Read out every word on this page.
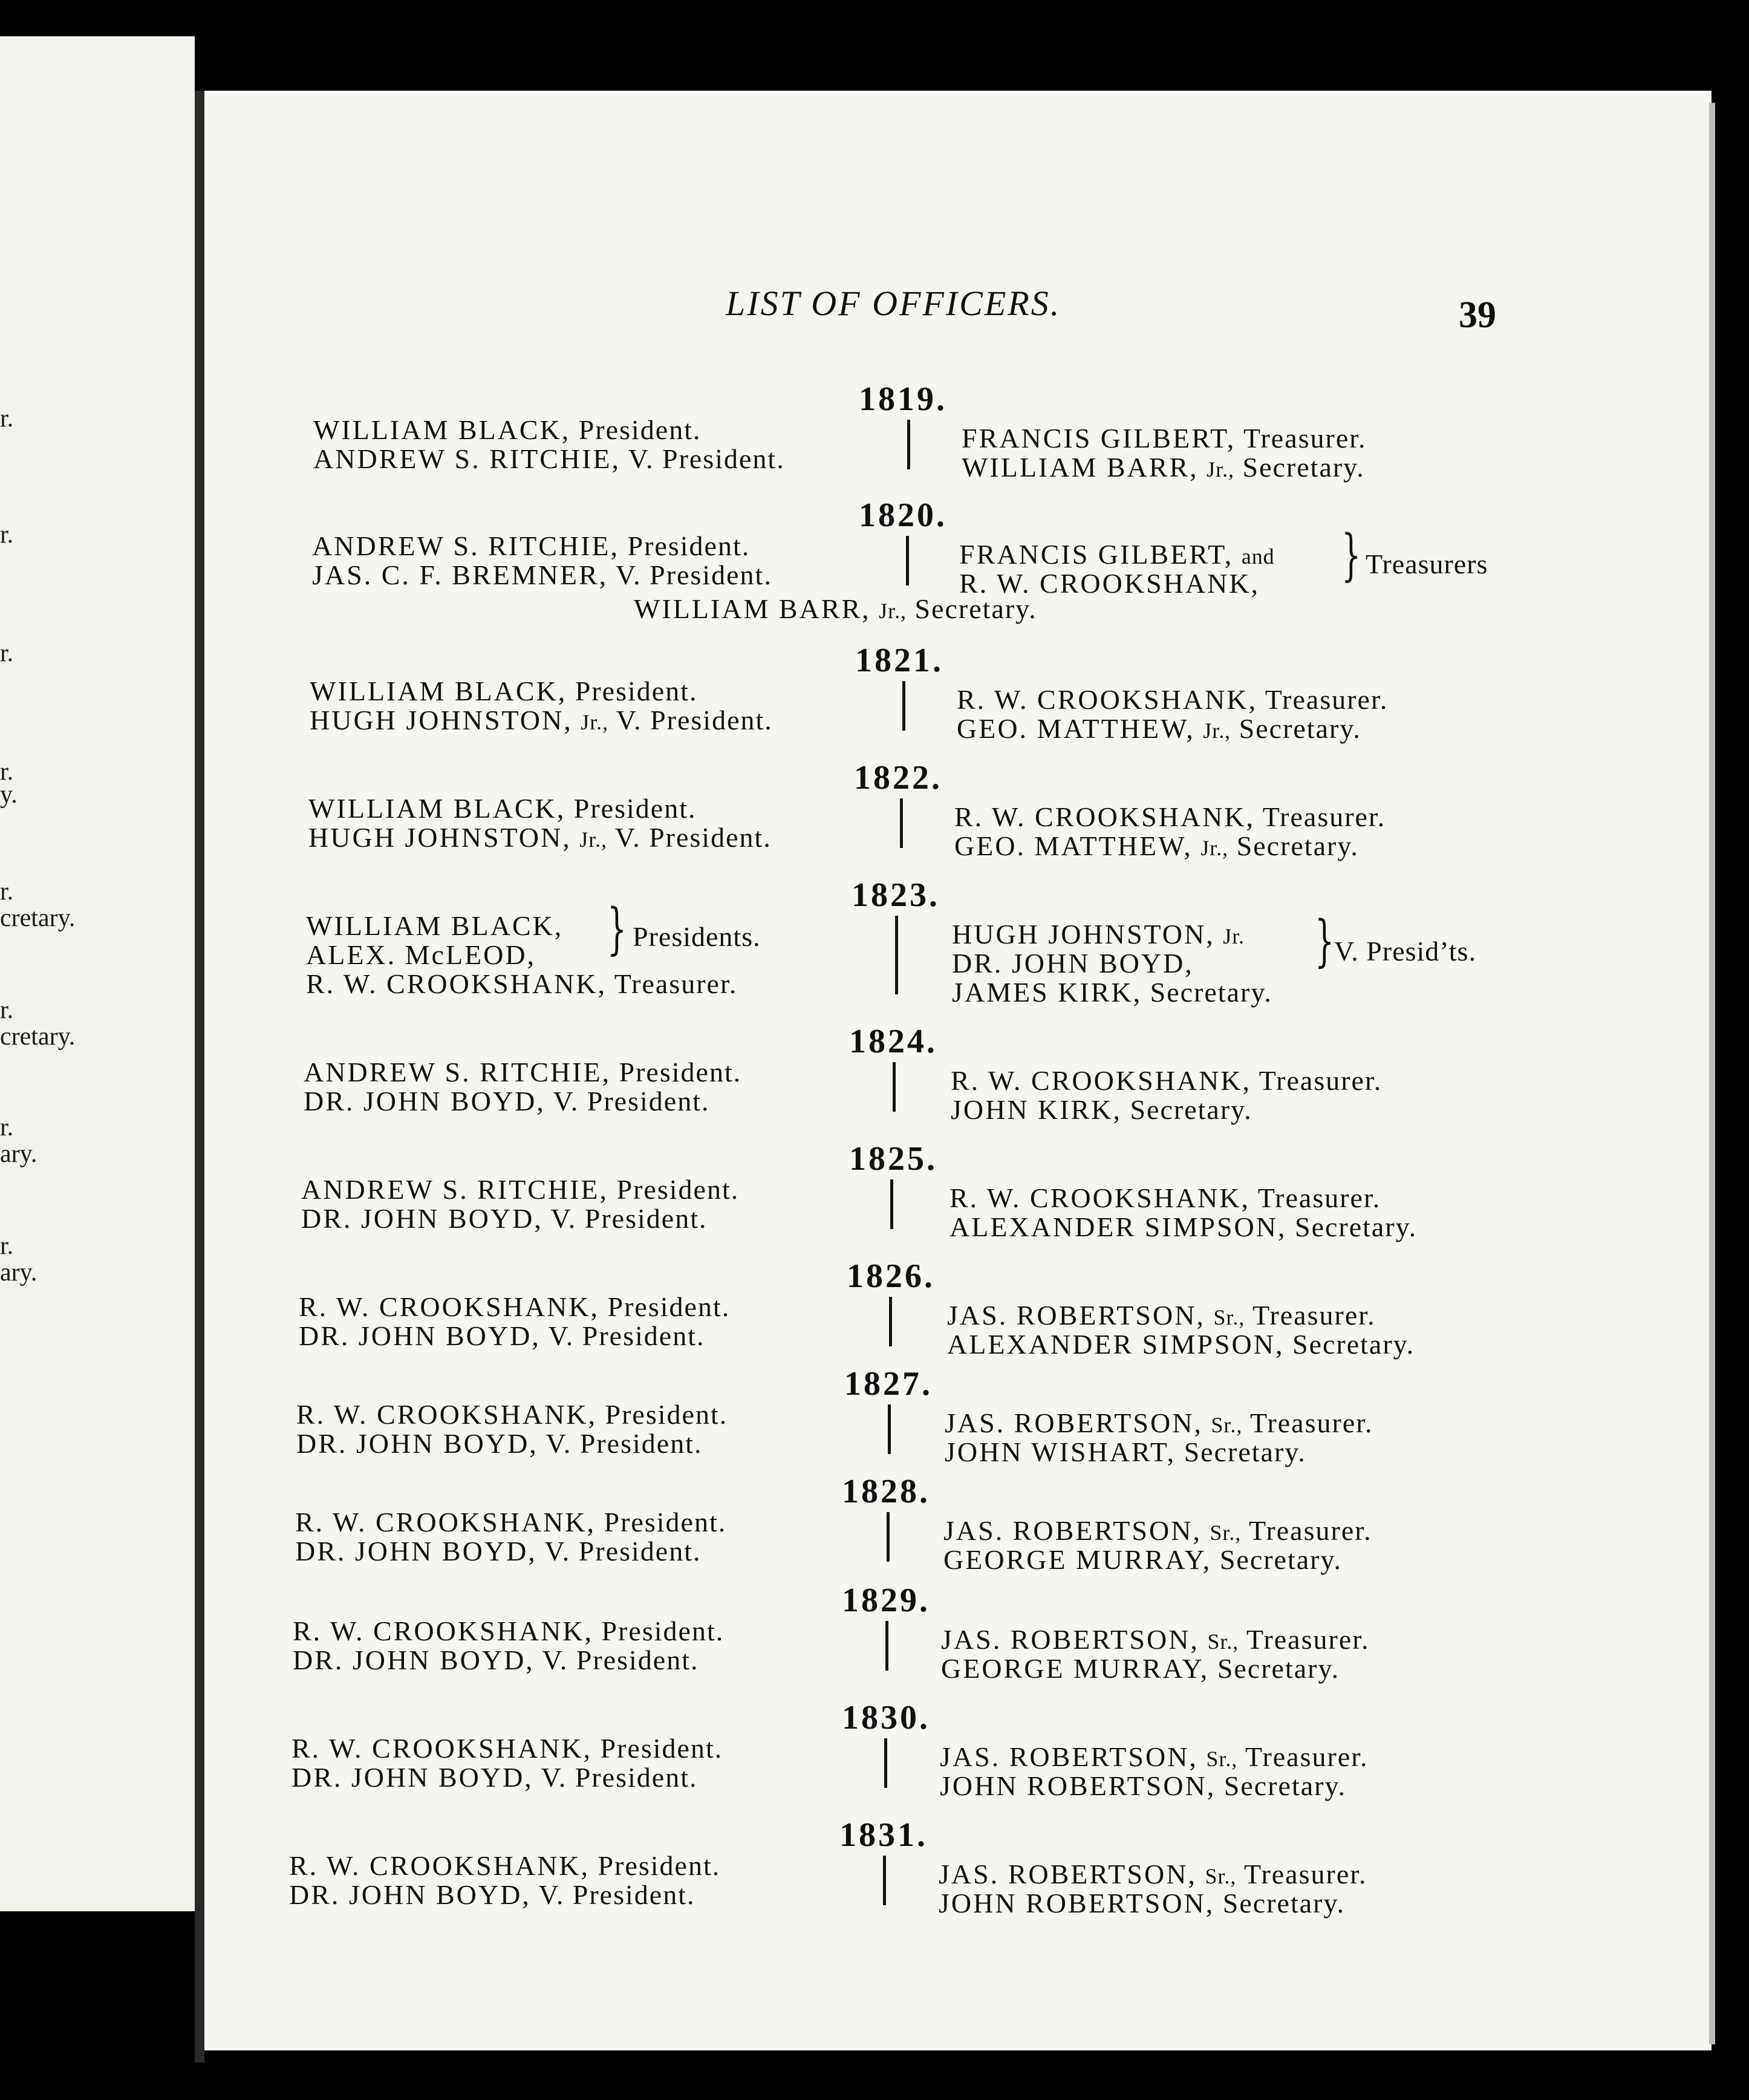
r.
r.
r.
r.
y.
r.
cretary.
r.
cretary.
r.
ary.
r.
ary.
LIST OF OFFICERS.	39
1819.
WILLIAM BLACK, President.
ANDREW S. RITCHIE, V. President.
FRANCIS GILBERT, Treasurer.
WILLIAM BARR, Jr., Secretary.
1820.
ANDREW S. RITCHIE, President.
JAS. C. F. BREMNER, V. President.
FRANCIS GILBERT, and
R. W. CROOKSHANK, } Treasurers
WILLIAM BARR, Jr., Secretary.
1821.
WILLIAM BLACK, President.
HUGH JOHNSTON, Jr., V. President.
R. W. CROOKSHANK, Treasurer.
GEO. MATTHEW, Jr., Secretary.
1822.
WILLIAM BLACK, President.
HUGH JOHNSTON, Jr., V. President.
R. W. CROOKSHANK, Treasurer.
GEO. MATTHEW, Jr., Secretary.
1823.
WILLIAM BLACK,
ALEX. McLEOD, } Presidents.
R. W. CROOKSHANK, Treasurer.
HUGH JOHNSTON, Jr.
DR. JOHN BOYD, } V. Presid’ts.
JAMES KIRK, Secretary.
1824.
ANDREW S. RITCHIE, President.
DR. JOHN BOYD, V. President.
R. W. CROOKSHANK, Treasurer.
JOHN KIRK, Secretary.
1825.
ANDREW S. RITCHIE, President.
DR. JOHN BOYD, V. President.
R. W. CROOKSHANK, Treasurer.
ALEXANDER SIMPSON, Secretary.
1826.
R. W. CROOKSHANK, President.
DR. JOHN BOYD, V. President.
JAS. ROBERTSON, Sr., Treasurer.
ALEXANDER SIMPSON, Secretary.
1827.
R. W. CROOKSHANK, President.
DR. JOHN BOYD, V. President.
JAS. ROBERTSON, Sr., Treasurer.
JOHN WISHART, Secretary.
1828.
R. W. CROOKSHANK, President.
DR. JOHN BOYD, V. President.
JAS. ROBERTSON, Sr., Treasurer.
GEORGE MURRAY, Secretary.
1829.
R. W. CROOKSHANK, President.
DR. JOHN BOYD, V. President.
JAS. ROBERTSON, Sr., Treasurer.
GEORGE MURRAY, Secretary.
1830.
R. W. CROOKSHANK, President.
DR. JOHN BOYD, V. President.
JAS. ROBERTSON, Sr., Treasurer.
JOHN ROBERTSON, Secretary.
1831.
R. W. CROOKSHANK, President.
DR. JOHN BOYD, V. President.
JAS. ROBERTSON, Sr., Treasurer.
JOHN ROBERTSON, Secretary.
